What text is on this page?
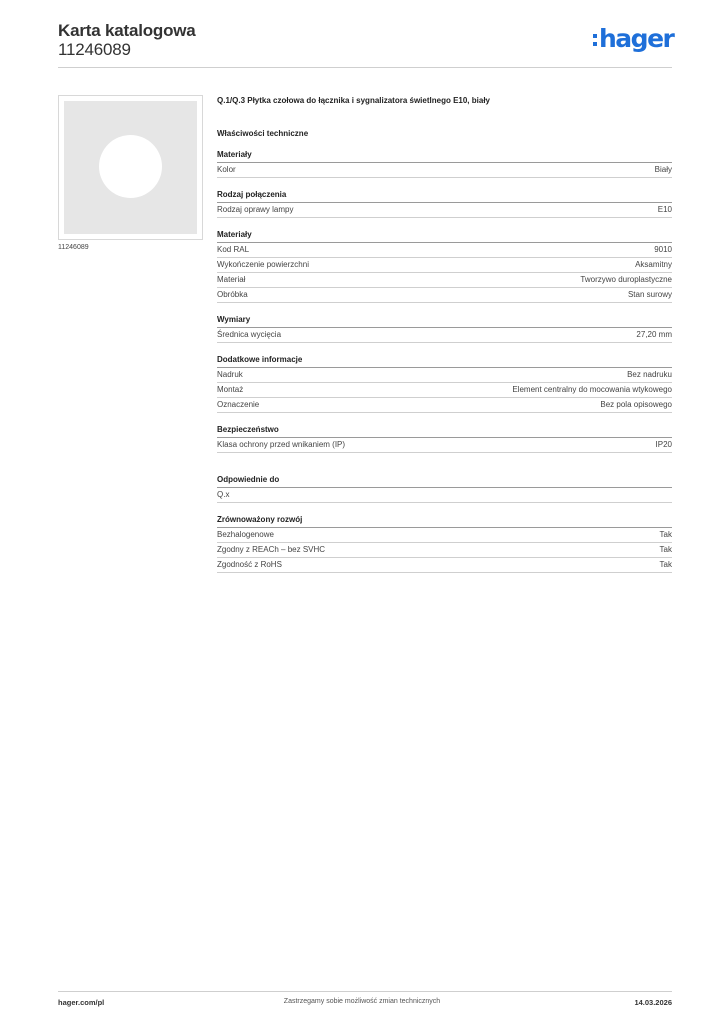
Karta katalogowa
11246089	hager
11246089
Q.1/Q.3 Płytka czołowa do łącznika i sygnalizatora świetlnego E10, biały
Właściwości techniczne
Materiały
Kolor	Biały
Rodzaj połączenia
Rodzaj oprawy lampy	E10
Materiały
Kod RAL	9010
Wykończenie powierzchni	Aksamitny
Materiał	Tworzywo duroplastyczne
Obróbka	Stan surowy
Wymiary
Średnica wycięcia	27,20 mm
Dodatkowe informacje
Nadruk	Bez nadruku
Montaż	Element centralny do mocowania wtykowego
Oznaczenie	Bez pola opisowego
Bezpieczeństwo
Klasa ochrony przed wnikaniem (IP)	IP20
Odpowiednie do
Q.x
Zrównoważony rozwój
Bezhalogenowe	Tak
Zgodny z REACh – bez SVHC	Tak
Zgodność z RoHS	Tak
hager.com/pl	Zastrzegamy sobie możliwość zmian technicznych	14.03.2026
